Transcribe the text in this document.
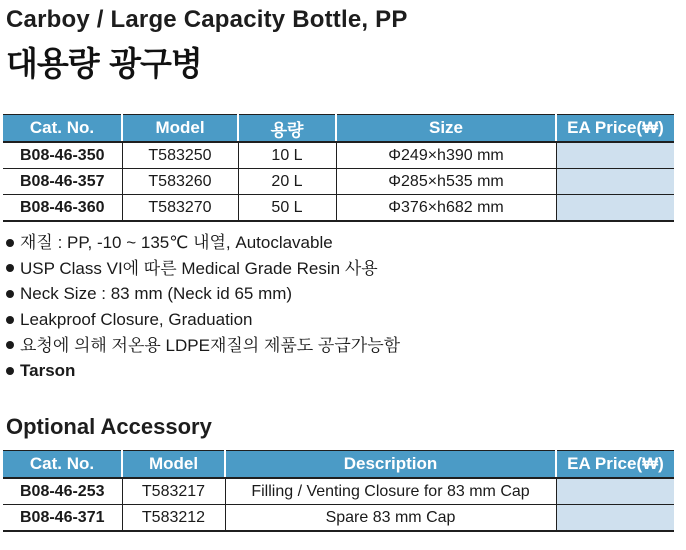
Carboy / Large Capacity Bottle, PP
대용량 광구병
Cat. No.	Model	용량	Size	EA Price(₩)
B08-46-350	T583250	10 L	Φ249×h390 mm	
B08-46-357	T583260	20 L	Φ285×h535 mm	
B08-46-360	T583270	50 L	Φ376×h682 mm	
재질 : PP, -10 ~ 135℃ 내열, Autoclavable
USP Class VI에 따른 Medical Grade Resin 사용
Neck Size : 83 mm (Neck id 65 mm)
Leakproof Closure, Graduation
요청에 의해 저온용 LDPE재질의 제품도 공급가능함
Tarson
Optional Accessory
Cat. No.	Model	Description	EA Price(₩)
B08-46-253	T583217	Filling / Venting Closure for 83 mm Cap	
B08-46-371	T583212	Spare 83 mm Cap	
